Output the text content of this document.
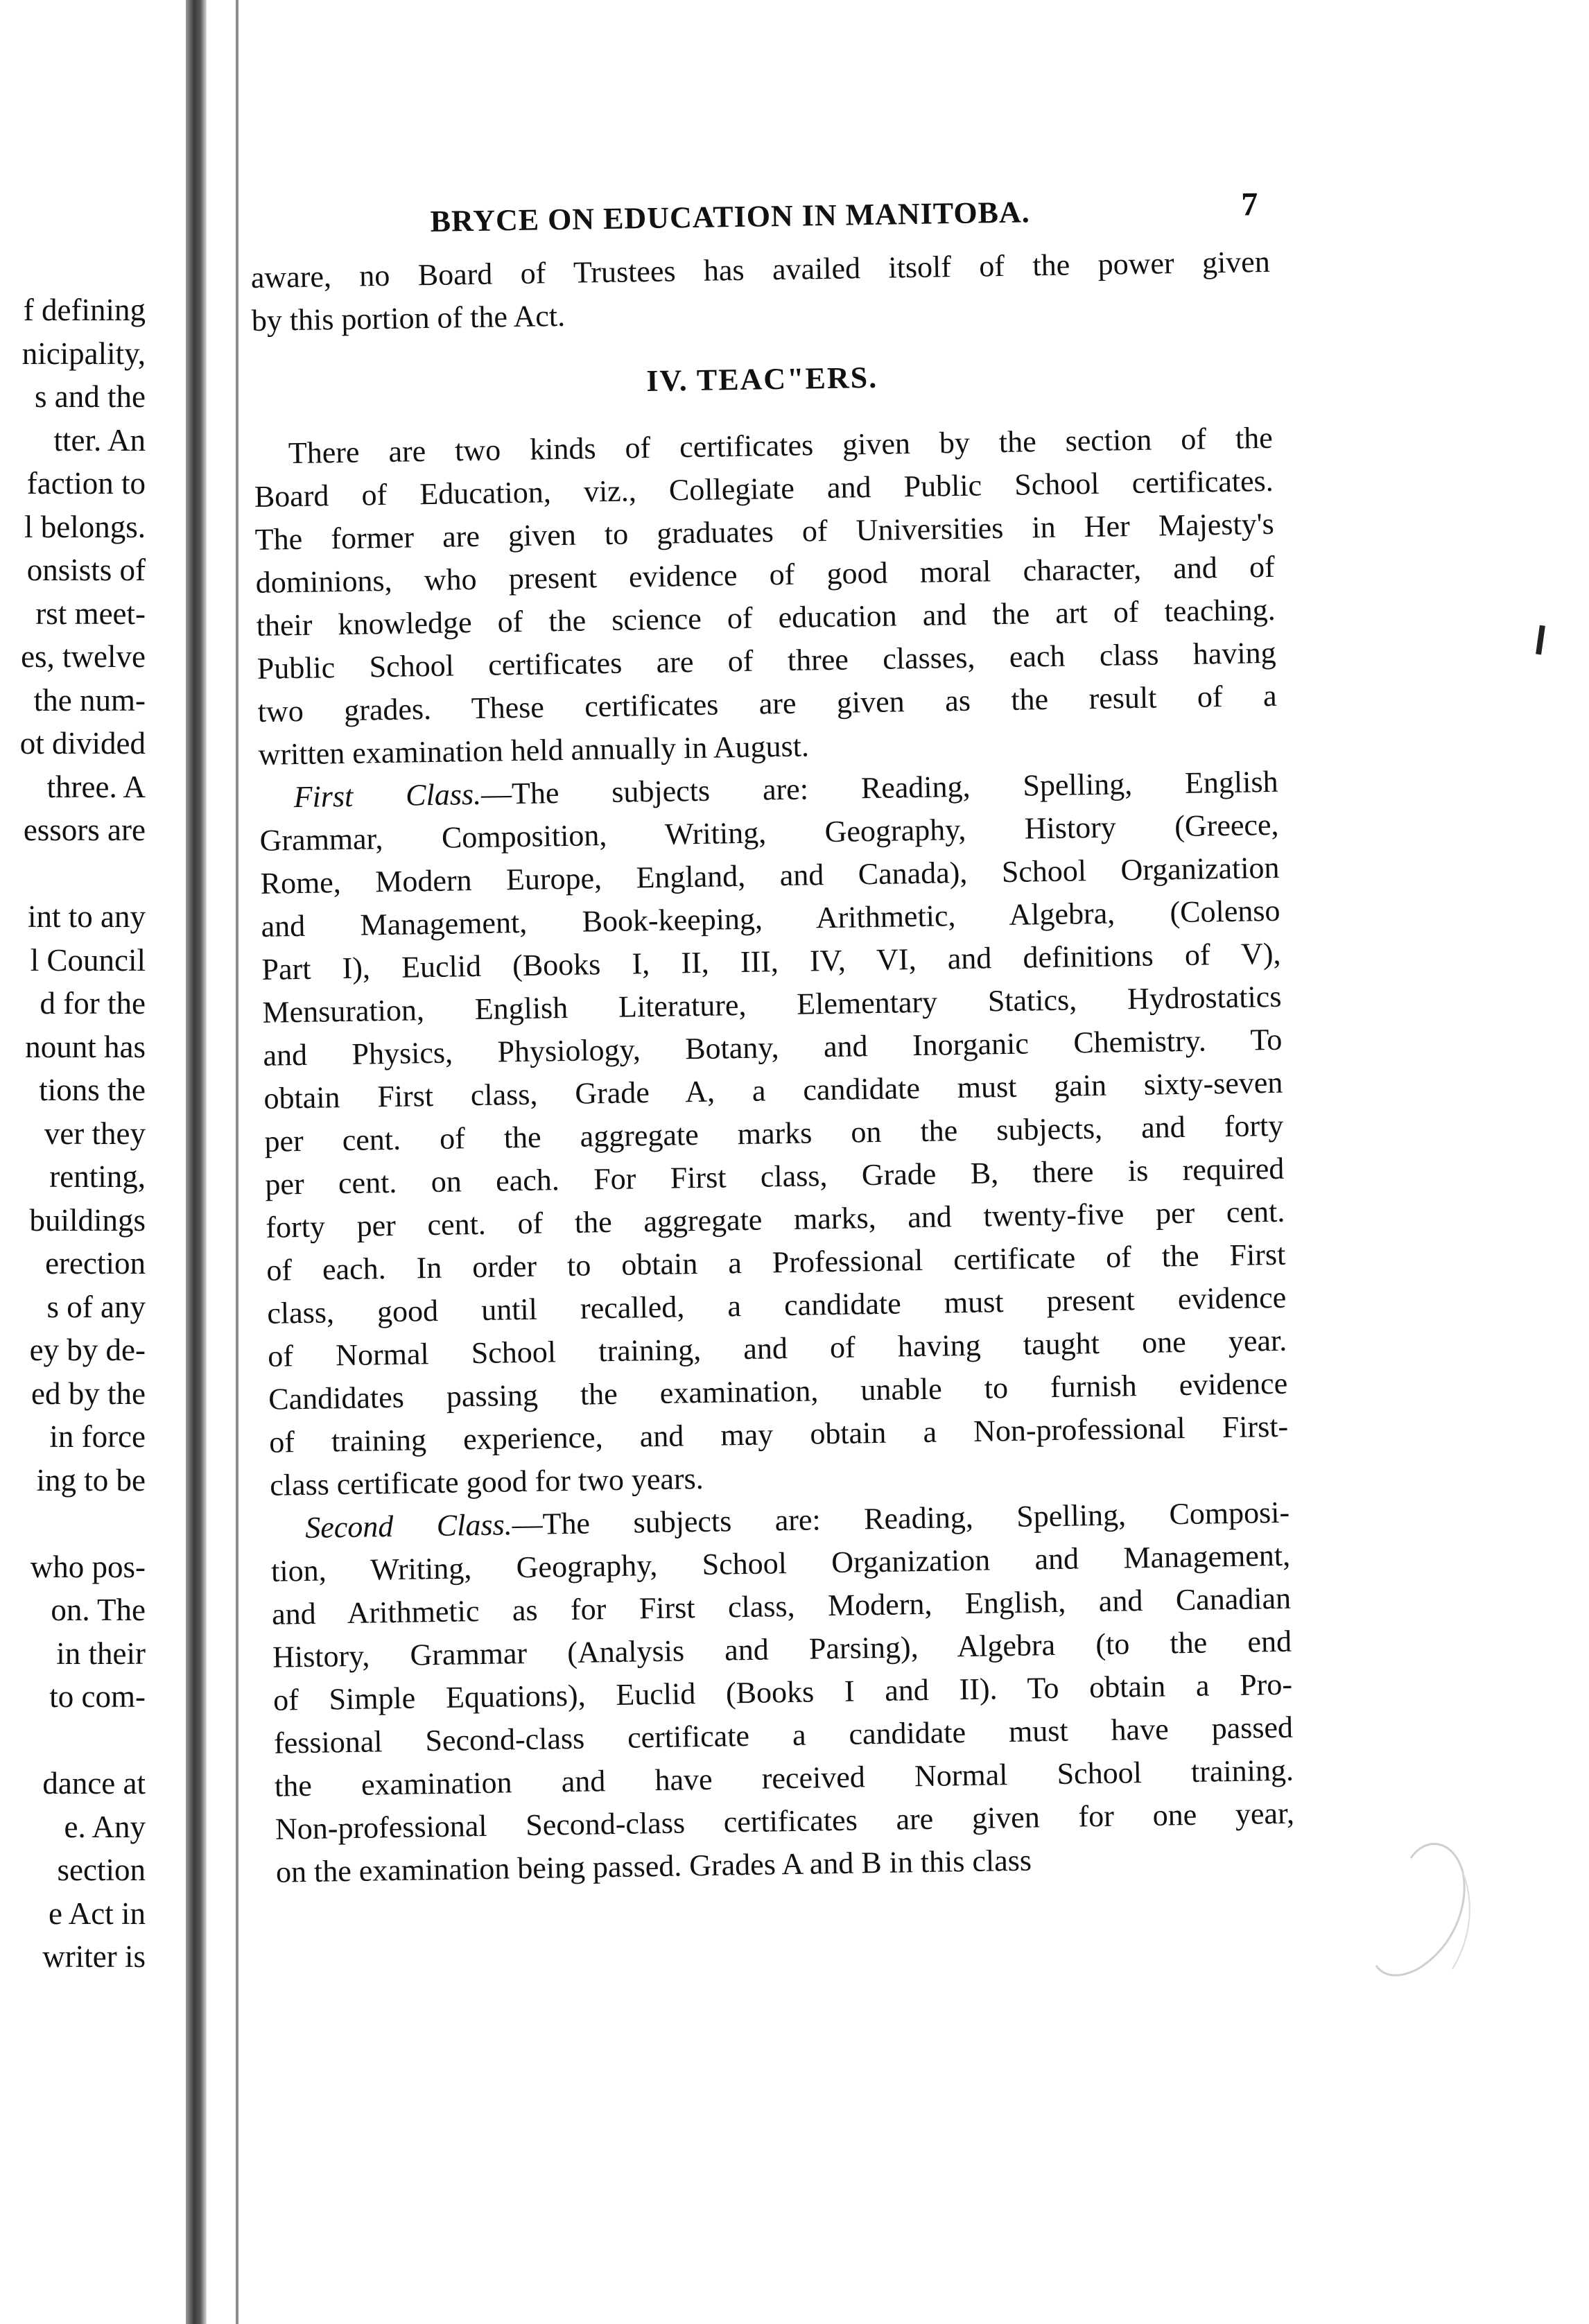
f defining
nicipality,
s and the
tter. An
faction to
l belongs.
onsists of
rst meet-
es, twelve
the num-
ot divided
three. A
essors are
int to any
l Council
d for the
nount has
tions the
ver they
renting,
buildings
erection
s of any
ey by de-
ed by the
in force
ing to be
who pos-
on. The
in their
to com-
dance at
e. Any
section
e Act in
writer is
BRYCE ON EDUCATION IN MANITOBA.	7
aware, no Board of Trustees has availed itsolf of the power given
by this portion of the Act.
IV. TEAC"ERS.
There are two kinds of certificates given by the section of the
Board of Education, viz., Collegiate and Public School certificates.
The former are given to graduates of Universities in Her Majesty's
dominions, who present evidence of good moral character, and of
their knowledge of the science of education and the art of teaching.
Public School certificates are of three classes, each class having
two grades. These certificates are given as the result of a
written examination held annually in August.
First Class.—The subjects are: Reading, Spelling, English
Grammar, Composition, Writing, Geography, History (Greece,
Rome, Modern Europe, England, and Canada), School Organization
and Management, Book-keeping, Arithmetic, Algebra, (Colenso
Part I), Euclid (Books I, II, III, IV, VI, and definitions of V),
Mensuration, English Literature, Elementary Statics, Hydrostatics
and Physics, Physiology, Botany, and Inorganic Chemistry. To
obtain First class, Grade A, a candidate must gain sixty-seven
per cent. of the aggregate marks on the subjects, and forty
per cent. on each. For First class, Grade B, there is required
forty per cent. of the aggregate marks, and twenty-five per cent.
of each. In order to obtain a Professional certificate of the First
class, good until recalled, a candidate must present evidence
of Normal School training, and of having taught one year.
Candidates passing the examination, unable to furnish evidence
of training experience, and may obtain a Non-professional First-
class certificate good for two years.
Second Class.—The subjects are: Reading, Spelling, Composi-
tion, Writing, Geography, School Organization and Management,
and Arithmetic as for First class, Modern, English, and Canadian
History, Grammar (Analysis and Parsing), Algebra (to the end
of Simple Equations), Euclid (Books I and II). To obtain a Pro-
fessional Second-class certificate a candidate must have passed
the examination and have received Normal School training.
Non-professional Second-class certificates are given for one year,
on the examination being passed. Grades A and B in this class
